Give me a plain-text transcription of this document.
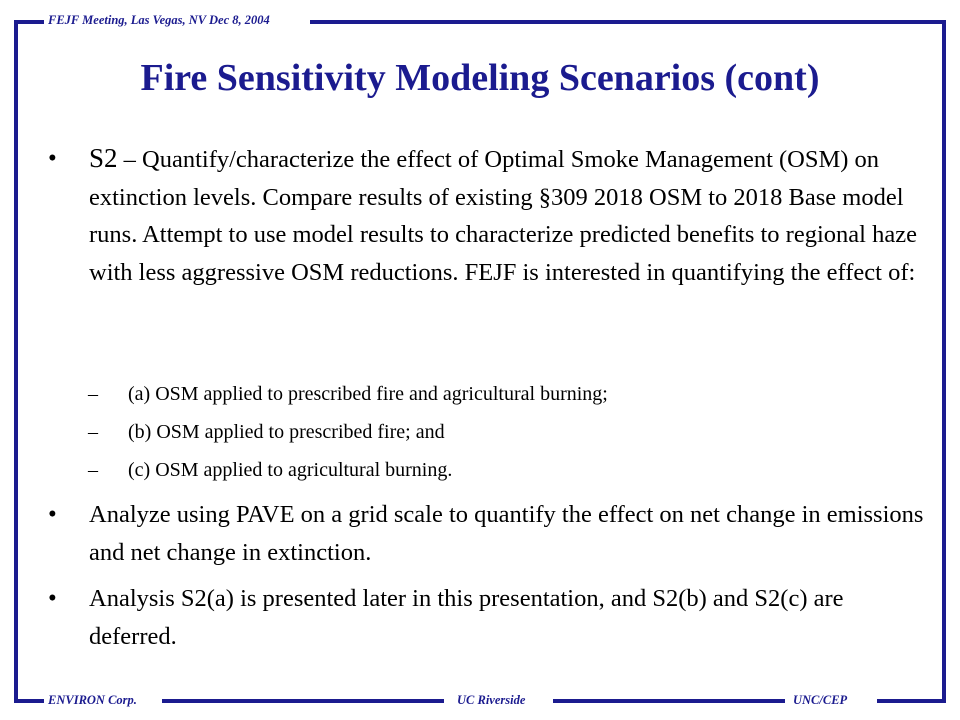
FEJF Meeting, Las Vegas, NV Dec 8, 2004
Fire Sensitivity Modeling Scenarios (cont)
• S2 – Quantify/characterize the effect of Optimal Smoke Management (OSM) on extinction levels. Compare results of existing §309 2018 OSM to 2018 Base model runs. Attempt to use model results to characterize predicted benefits to regional haze with less aggressive OSM reductions. FEJF is interested in quantifying the effect of:
– (a) OSM applied to prescribed fire and agricultural burning;
– (b) OSM applied to prescribed fire; and
– (c) OSM applied to agricultural burning.
• Analyze using PAVE on a grid scale to quantify the effect on net change in emissions and net change in extinction.
• Analysis S2(a) is presented later in this presentation, and S2(b) and S2(c) are deferred.
ENVIRON Corp.	UC Riverside	UNC/CEP
